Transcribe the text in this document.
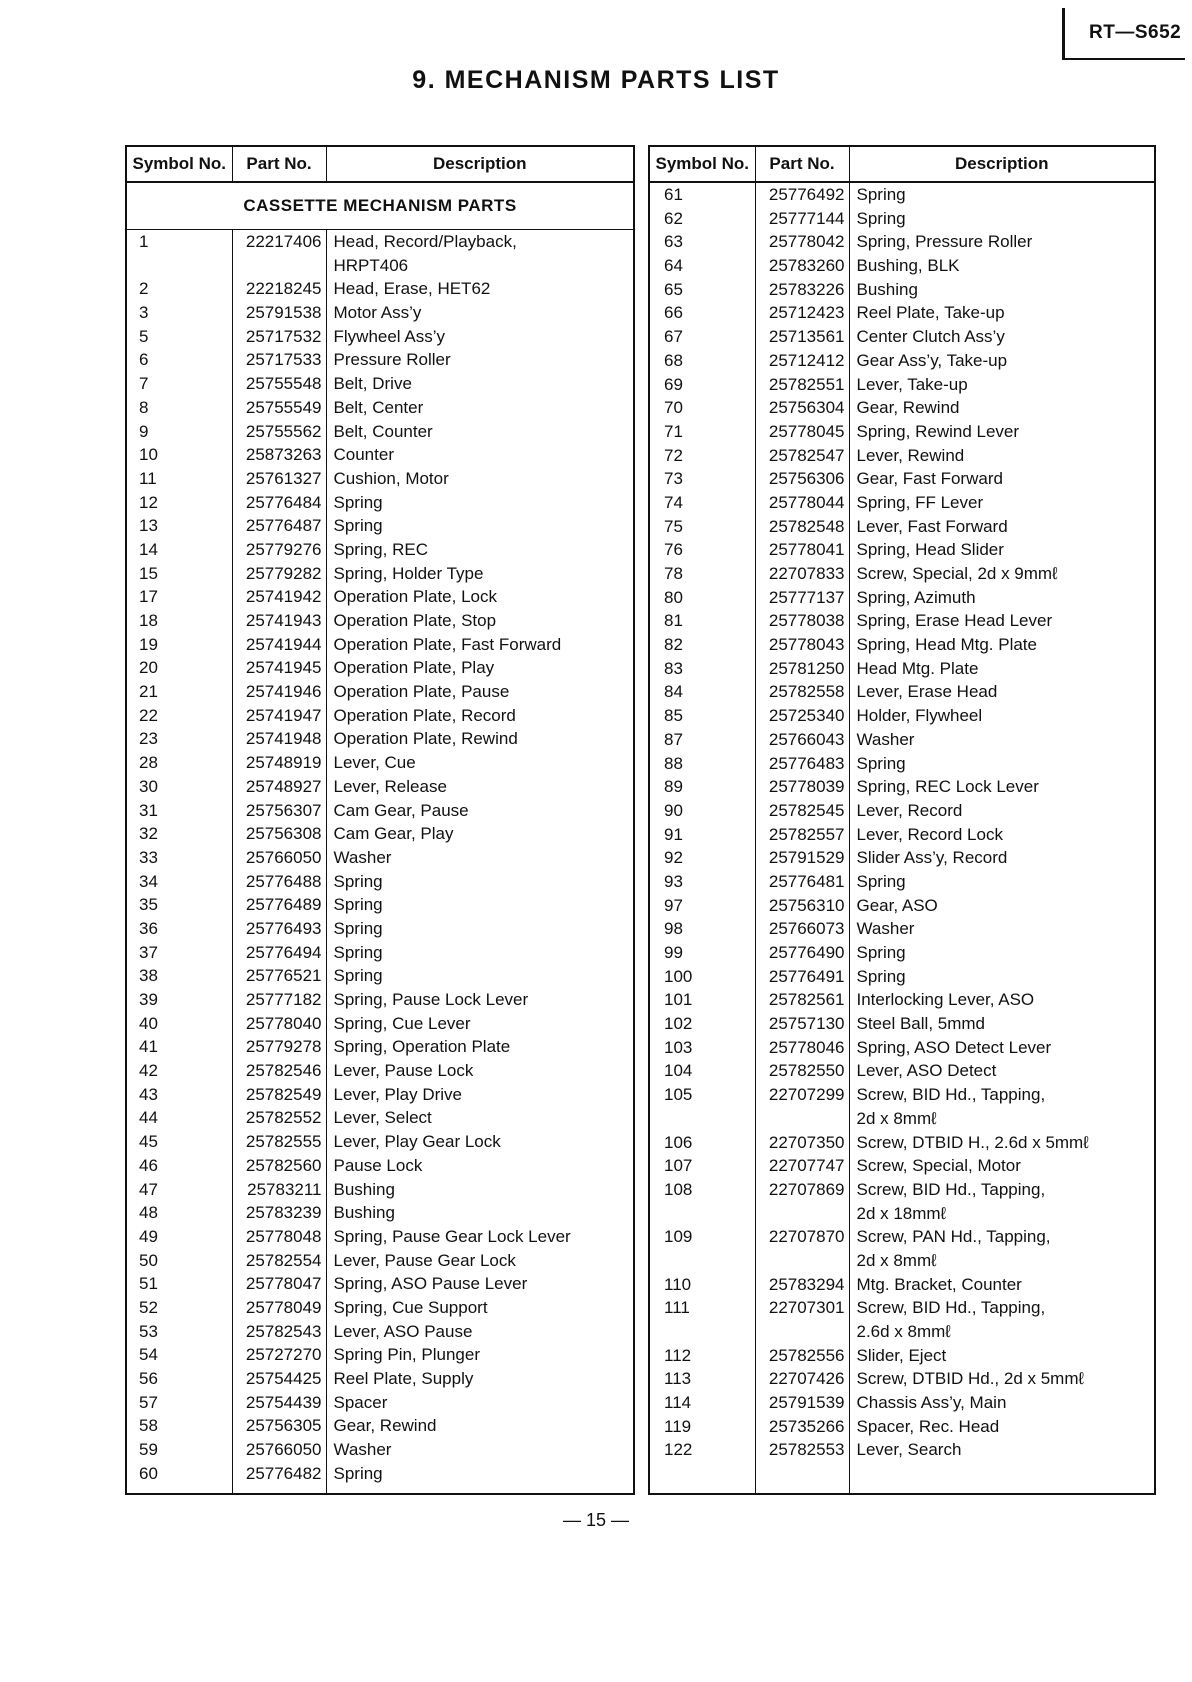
RT—S652
9. MECHANISM PARTS LIST
Symbol No.	Part No.	Description
CASSETTE MECHANISM PARTS		
1	22217406	Head, Record/Playback,
		HRPT406
2	22218245	Head, Erase, HET62
3	25791538	Motor Ass’y
5	25717532	Flywheel Ass’y
6	25717533	Pressure Roller
7	25755548	Belt, Drive
8	25755549	Belt, Center
9	25755562	Belt, Counter
10	25873263	Counter
11	25761327	Cushion, Motor
12	25776484	Spring
13	25776487	Spring
14	25779276	Spring, REC
15	25779282	Spring, Holder Type
17	25741942	Operation Plate, Lock
18	25741943	Operation Plate, Stop
19	25741944	Operation Plate, Fast Forward
20	25741945	Operation Plate, Play
21	25741946	Operation Plate, Pause
22	25741947	Operation Plate, Record
23	25741948	Operation Plate, Rewind
28	25748919	Lever, Cue
30	25748927	Lever, Release
31	25756307	Cam Gear, Pause
32	25756308	Cam Gear, Play
33	25766050	Washer
34	25776488	Spring
35	25776489	Spring
36	25776493	Spring
37	25776494	Spring
38	25776521	Spring
39	25777182	Spring, Pause Lock Lever
40	25778040	Spring, Cue Lever
41	25779278	Spring, Operation Plate
42	25782546	Lever, Pause Lock
43	25782549	Lever, Play Drive
44	25782552	Lever, Select
45	25782555	Lever, Play Gear Lock
46	25782560	Pause Lock
47	25783211	Bushing
48	25783239	Bushing
49	25778048	Spring, Pause Gear Lock Lever
50	25782554	Lever, Pause Gear Lock
51	25778047	Spring, ASO Pause Lever
52	25778049	Spring, Cue Support
53	25782543	Lever, ASO Pause
54	25727270	Spring Pin, Plunger
56	25754425	Reel Plate, Supply
57	25754439	Spacer
58	25756305	Gear, Rewind
59	25766050	Washer
60	25776482	Spring

Symbol No.	Part No.	Description
61	25776492	Spring
62	25777144	Spring
63	25778042	Spring, Pressure Roller
64	25783260	Bushing, BLK
65	25783226	Bushing
66	25712423	Reel Plate, Take-up
67	25713561	Center Clutch Ass’y
68	25712412	Gear Ass’y, Take-up
69	25782551	Lever, Take-up
70	25756304	Gear, Rewind
71	25778045	Spring, Rewind Lever
72	25782547	Lever, Rewind
73	25756306	Gear, Fast Forward
74	25778044	Spring, FF Lever
75	25782548	Lever, Fast Forward
76	25778041	Spring, Head Slider
78	22707833	Screw, Special, 2d x 9mmℓ
80	25777137	Spring, Azimuth
81	25778038	Spring, Erase Head Lever
82	25778043	Spring, Head Mtg. Plate
83	25781250	Head Mtg. Plate
84	25782558	Lever, Erase Head
85	25725340	Holder, Flywheel
87	25766043	Washer
88	25776483	Spring
89	25778039	Spring, REC Lock Lever
90	25782545	Lever, Record
91	25782557	Lever, Record Lock
92	25791529	Slider Ass’y, Record
93	25776481	Spring
97	25756310	Gear, ASO
98	25766073	Washer
99	25776490	Spring
100	25776491	Spring
101	25782561	Interlocking Lever, ASO
102	25757130	Steel Ball, 5mmd
103	25778046	Spring, ASO Detect Lever
104	25782550	Lever, ASO Detect
105	22707299	Screw, BID Hd., Tapping,
		2d x 8mmℓ
106	22707350	Screw, DTBID H., 2.6d x 5mmℓ
107	22707747	Screw, Special, Motor
108	22707869	Screw, BID Hd., Tapping,
		2d x 18mmℓ
109	22707870	Screw, PAN Hd., Tapping,
		2d x 8mmℓ
110	25783294	Mtg. Bracket, Counter
111	22707301	Screw, BID Hd., Tapping,
		2.6d x 8mmℓ
112	25782556	Slider, Eject
113	22707426	Screw, DTBID Hd., 2d x 5mmℓ
114	25791539	Chassis Ass’y, Main
119	25735266	Spacer, Rec. Head
122	25782553	Lever, Search

— 15 —
